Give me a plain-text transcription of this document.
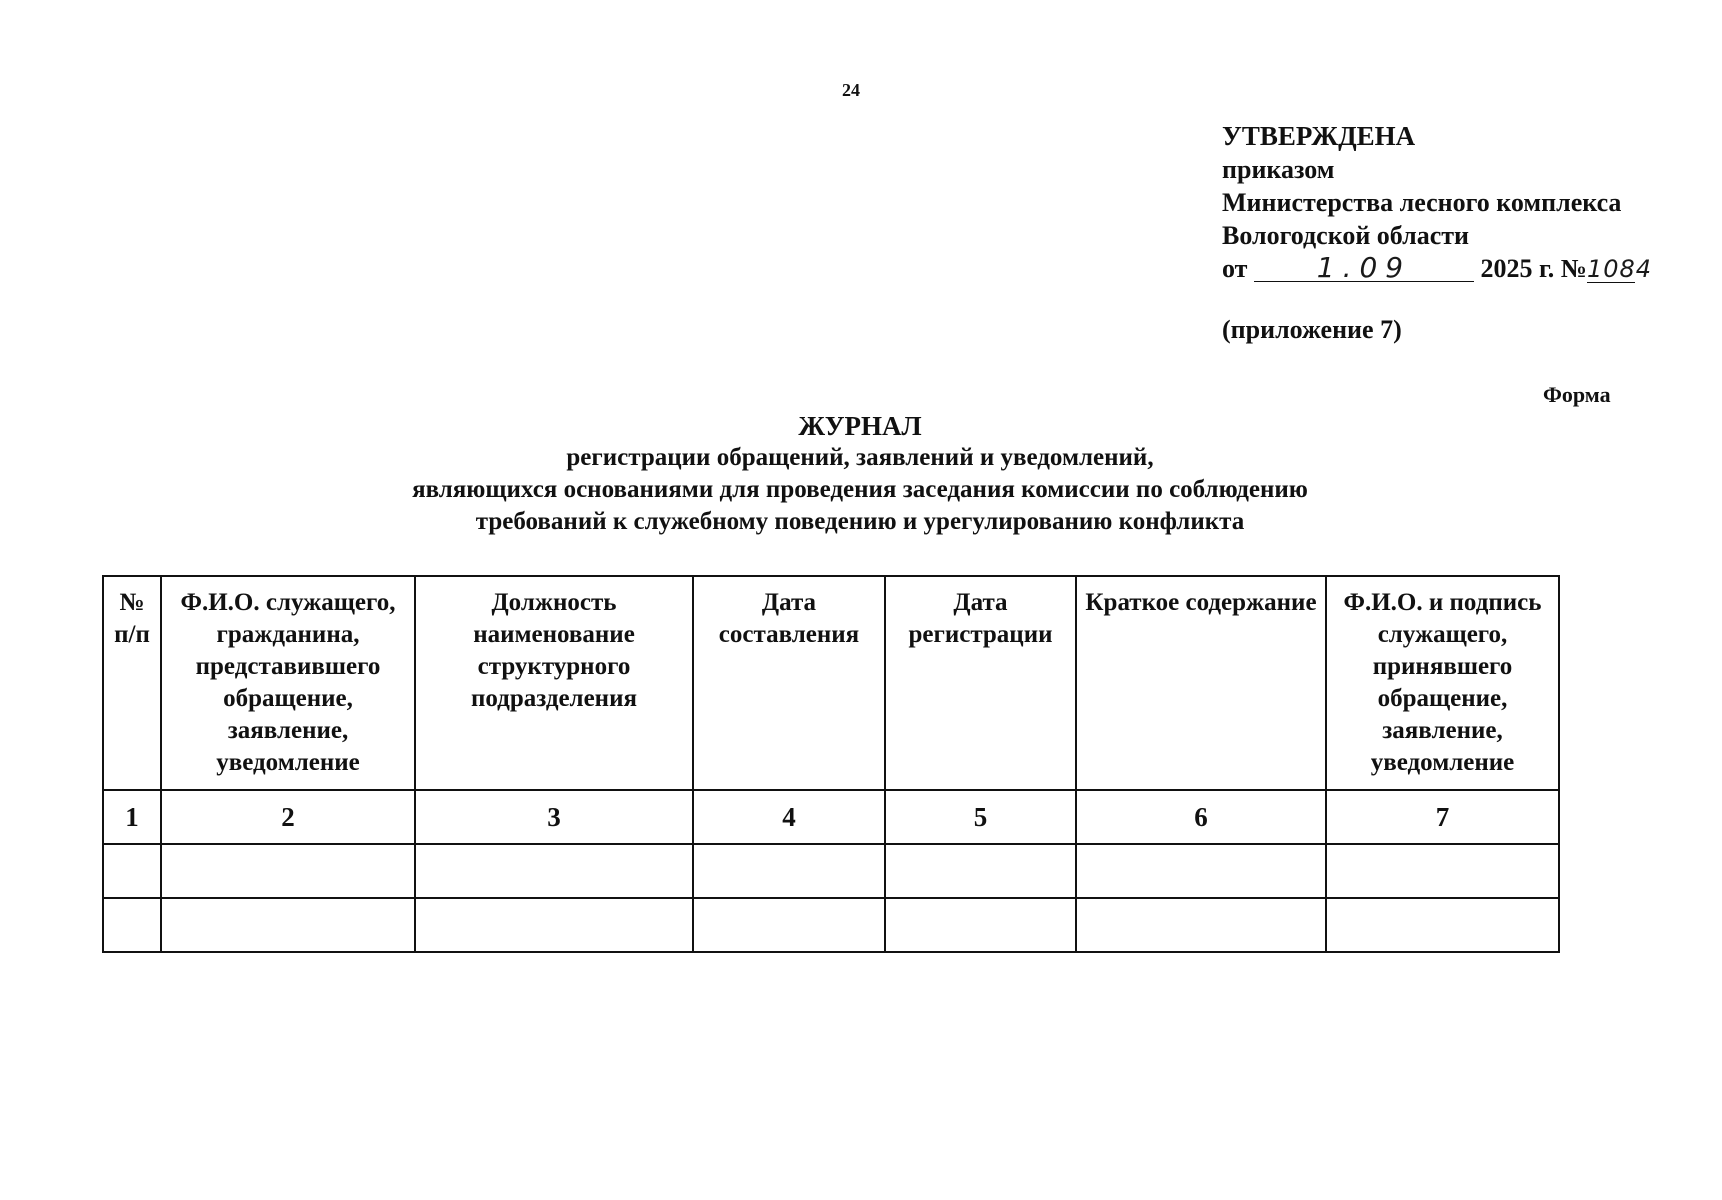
24
УТВЕРЖДЕНА
приказом
Министерства лесного комплекса
Вологодской области
от 1.09	2025 г. №1084
(приложение 7)
Форма
ЖУРНАЛ
регистрации обращений, заявлений и уведомлений,
являющихся основаниями для проведения заседания комиссии по соблюдению
требований к служебному поведению и урегулированию конфликта
№ п/п	Ф.И.О. служащего, гражданина, представившего обращение, заявление, уведомление	Должность наименование структурного подразделения	Дата составления	Дата регистрации	Краткое содержание	Ф.И.О. и подпись служащего, принявшего обращение, заявление, уведомление
1	2	3	4	5	6	7
